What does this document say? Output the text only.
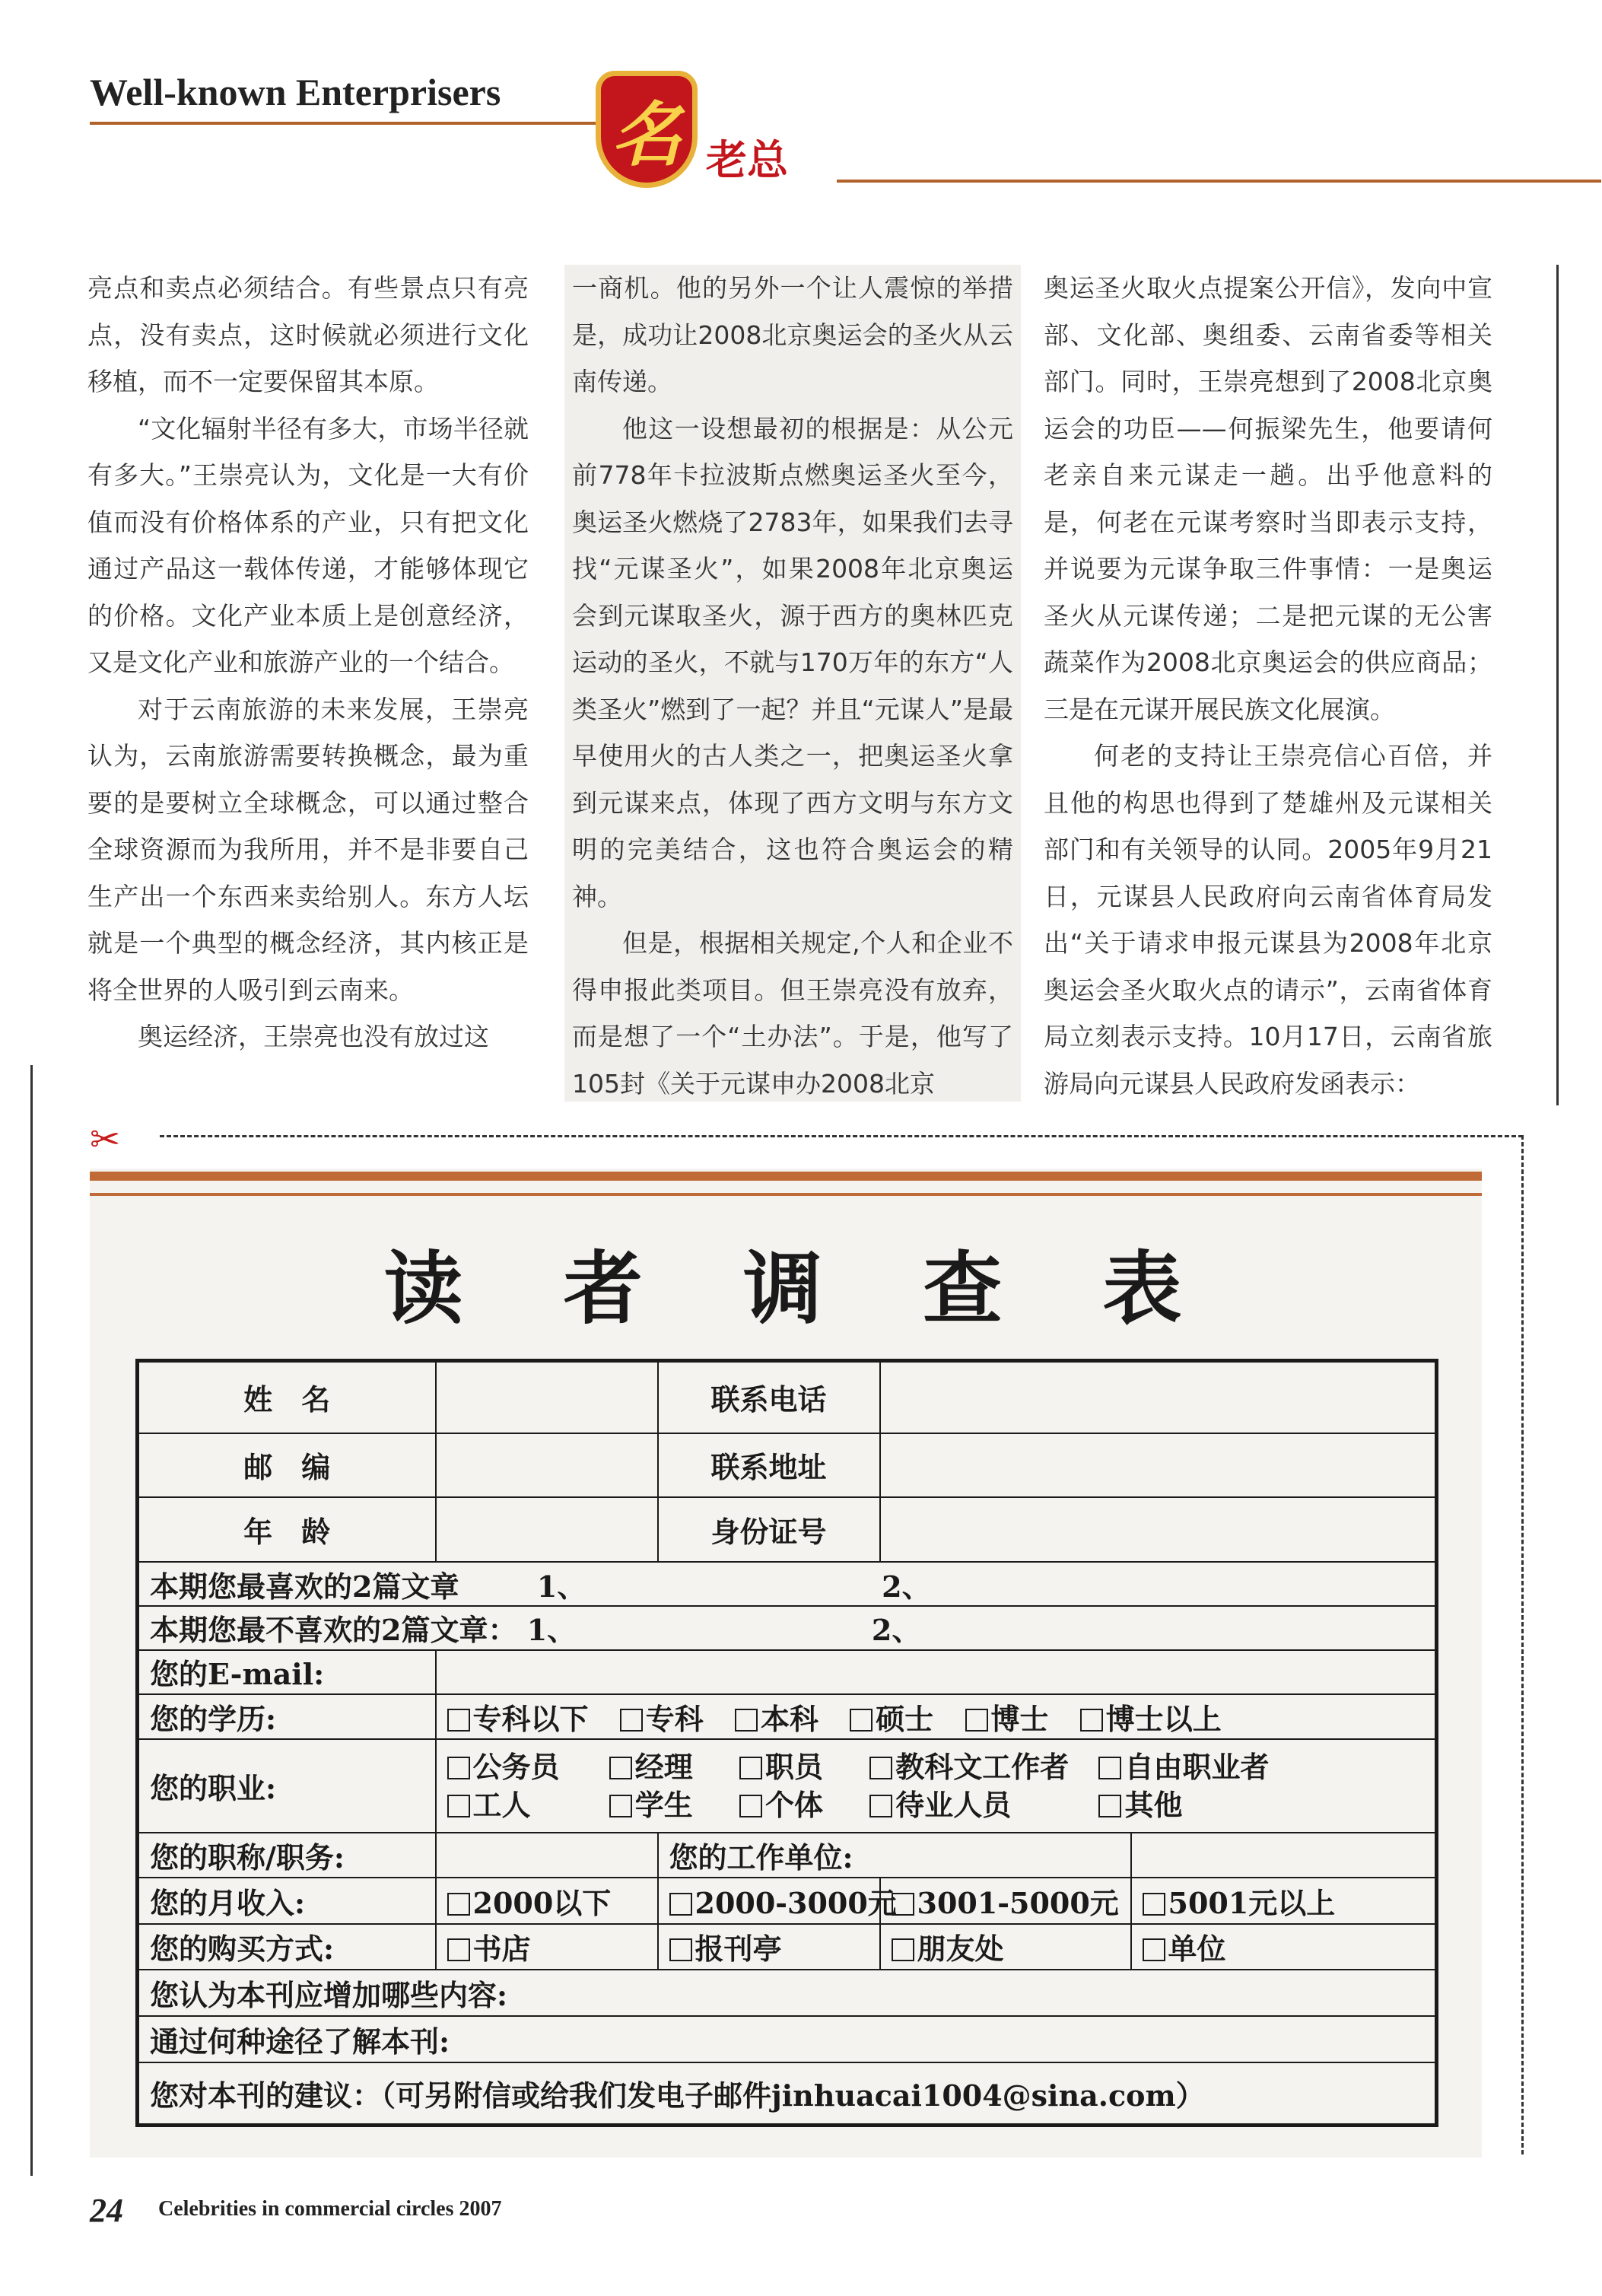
Well-known Enterprisers
名 老总

亮点和卖点必须结合。有些景点只有亮点，没有卖点，这时候就必须进行文化移植，而不一定要保留其本原。

“文化辐射半径有多大，市场半径就有多大。”王崇亮认为，文化是一大有价值而没有价格体系的产业，只有把文化通过产品这一载体传递，才能够体现它的价格。文化产业本质上是创意经济，又是文化产业和旅游产业的一个结合。

对于云南旅游的未来发展，王崇亮认为，云南旅游需要转换概念，最为重要的是要树立全球概念，可以通过整合全球资源而为我所用，并不是非要自己生产出一个东西来卖给别人。东方人坛就是一个典型的概念经济，其内核正是将全世界的人吸引到云南来。

奥运经济，王崇亮也没有放过这

一商机。他的另外一个让人震惊的举措是，成功让2008北京奥运会的圣火从云南传递。

他这一设想最初的根据是：从公元前778年卡拉波斯点燃奥运圣火至今，奥运圣火燃烧了2783年，如果我们去寻找“元谋圣火”，如果2008年北京奥运会到元谋取圣火，源于西方的奥林匹克运动的圣火，不就与170万年的东方“人类圣火”燃到了一起？并且“元谋人”是最早使用火的古人类之一，把奥运圣火拿到元谋来点，体现了西方文明与东方文明的完美结合，这也符合奥运会的精神。

但是，根据相关规定,个人和企业不得申报此类项目。但王崇亮没有放弃，而是想了一个“土办法”。于是，他写了105封《关于元谋申办2008北京

奥运圣火取火点提案公开信》，发向中宣部、文化部、奥组委、云南省委等相关部门。同时，王崇亮想到了2008北京奥运会的功臣——何振梁先生，他要请何老亲自来元谋走一趟。出乎他意料的是，何老在元谋考察时当即表示支持，并说要为元谋争取三件事情：一是奥运圣火从元谋传递；二是把元谋的无公害蔬菜作为2008北京奥运会的供应商品；三是在元谋开展民族文化展演。

何老的支持让王崇亮信心百倍，并且他的构思也得到了楚雄州及元谋相关部门和有关领导的认同。2005年9月21日，元谋县人民政府向云南省体育局发出“关于请求申报元谋县为2008年北京奥运会圣火取火点的请示”，云南省体育局立刻表示支持。10月17日，云南省旅游局向元谋县人民政府发函表示：

✂
读 者 调 查 表
姓　名		联系电话		
邮　编		联系地址		
年　龄		身份证号		
本期您最喜欢的2篇文章 1、 2、				
本期您最不喜欢的2篇文章： 1、 2、				
您的E-mail:				
您的学历:	专科以下 专科 本科 硕士 博士 博士以上			
您的职业:	公务员 经理 职员 教科文工作者 自由职业者
工人 学生 个体 待业人员 其他			

您的职称/职务:		您的工作单位:		
您的月收入:	2000以下	2000-3000元	3001-5000元	5001元以上
您的购买方式:	书店	报刊亭	朋友处	单位
您认为本刊应增加哪些内容:				
通过何种途径了解本刊:				
您对本刊的建议：（可另附信或给我们发电子邮件jinhuacai1004@sina.com）				
24 Celebrities in commercial circles 2007
